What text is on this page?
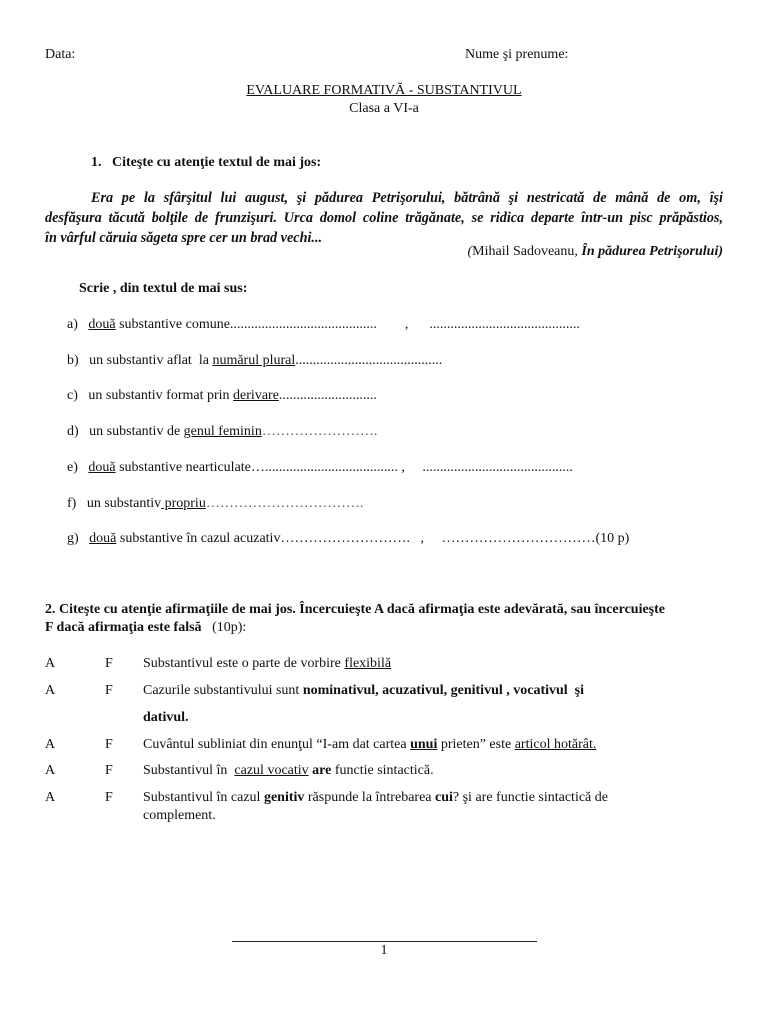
Data:	Nume şi prenume:
EVALUARE FORMATIVĂ - SUBSTANTIVUL
Clasa a VI-a
1. Citeşte cu atenţie textul de mai jos:
Era pe la sfârşitul lui august, şi pădurea Petrişorului, bătrână şi nestricată de mână de om, îşi
desfăşura tăcută bolţile de frunzişuri. Urca domol coline trăgănate, se ridica departe într-un pisc prăpăstios,
în vârful căruia săgeta spre cer un brad vechi...
(Mihail Sadoveanu, În pădurea Petrişorului)
Scrie , din textul de mai sus:
a) două substantive comune..........................................        ,      ...........................................
b) un substantiv aflat  la numărul plural..........................................
c) un substantiv format prin derivare............................
d) un substantiv de genul feminin…………………….
e) două substantive nearticulate…...................................... ,     ...........................................
f) un substantiv propriu…………………………….
g) două substantive în cazul acuzativ……………………….   ,     ……………………………(10 p)
2. Citeşte cu atenţie afirmaţiile de mai jos. Încercuieşte A dacă afirmaţia este adevărată, sau încercuieşte
F dacă afirmaţia este falsă (10p):
A	F Substantivul este o parte de vorbire flexibilă
A	F Cazurile substantivului sunt nominativul, acuzativul, genitivul , vocativul  şi
dativul.
A	F Cuvântul subliniat din enunţul “I-am dat cartea unui prieten” este articol hotărât.
A	F Substantivul în  cazul vocativ are functie sintactică.
A	F Substantivul în cazul genitiv răspunde la întrebarea cui? şi are functie sintactică de
complement.
1
